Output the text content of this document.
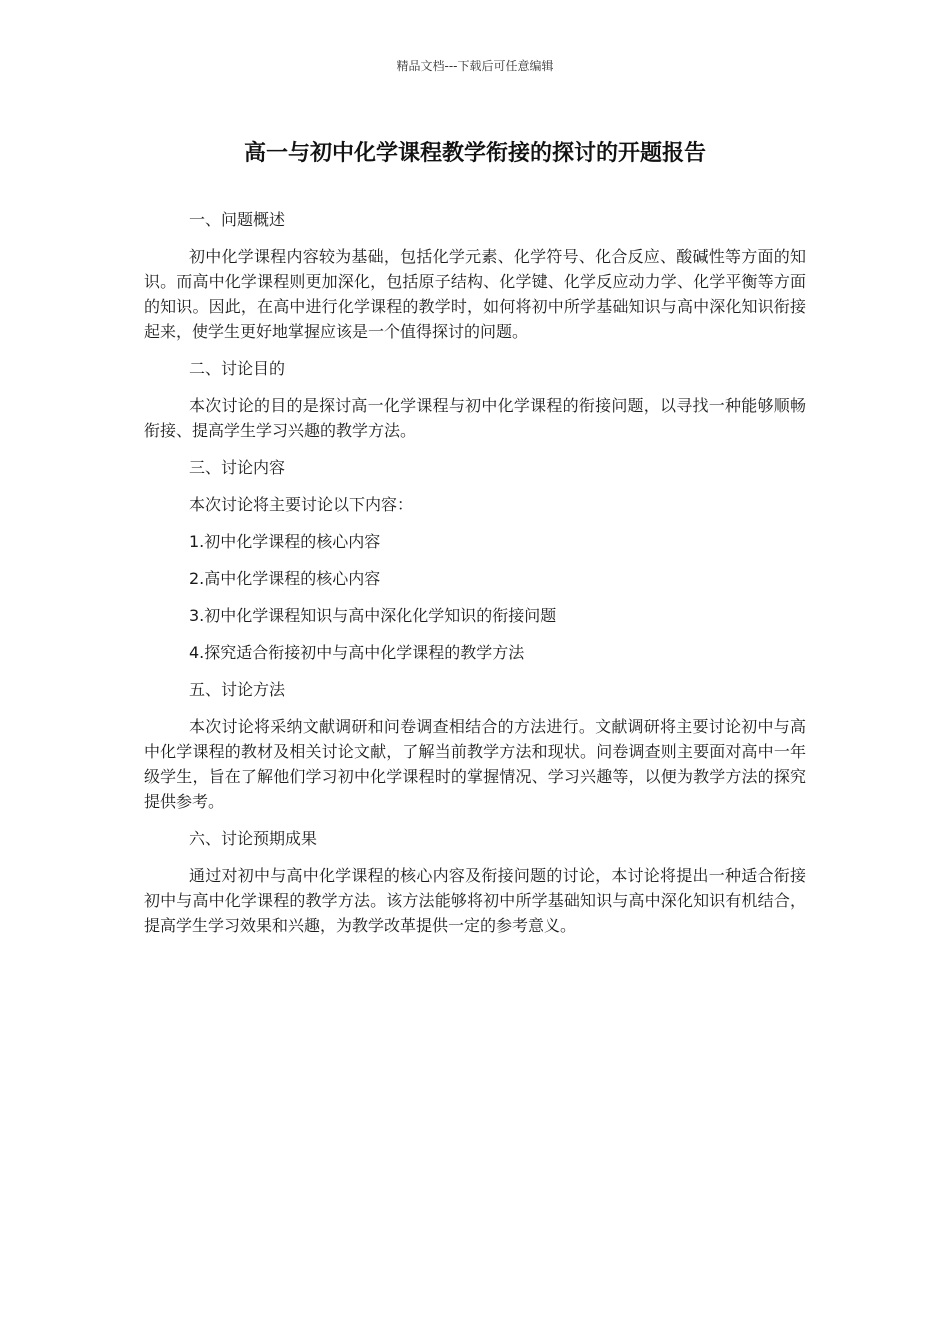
精品文档---下载后可任意编辑
高一与初中化学课程教学衔接的探讨的开题报告

一、问题概述

初中化学课程内容较为基础，包括化学元素、化学符号、化合反应、酸碱性等方面的知识。而高中化学课程则更加深化，包括原子结构、化学键、化学反应动力学、化学平衡等方面的知识。因此，在高中进行化学课程的教学时，如何将初中所学基础知识与高中深化知识衔接起来，使学生更好地掌握应该是一个值得探讨的问题。

二、讨论目的

本次讨论的目的是探讨高一化学课程与初中化学课程的衔接问题，以寻找一种能够顺畅衔接、提高学生学习兴趣的教学方法。

三、讨论内容

本次讨论将主要讨论以下内容：

1.初中化学课程的核心内容

2.高中化学课程的核心内容

3.初中化学课程知识与高中深化化学知识的衔接问题

4.探究适合衔接初中与高中化学课程的教学方法

五、讨论方法

本次讨论将采纳文献调研和问卷调查相结合的方法进行。文献调研将主要讨论初中与高中化学课程的教材及相关讨论文献，了解当前教学方法和现状。问卷调查则主要面对高中一年级学生，旨在了解他们学习初中化学课程时的掌握情况、学习兴趣等，以便为教学方法的探究提供参考。

六、讨论预期成果

通过对初中与高中化学课程的核心内容及衔接问题的讨论，本讨论将提出一种适合衔接初中与高中化学课程的教学方法。该方法能够将初中所学基础知识与高中深化知识有机结合，提高学生学习效果和兴趣，为教学改革提供一定的参考意义。
